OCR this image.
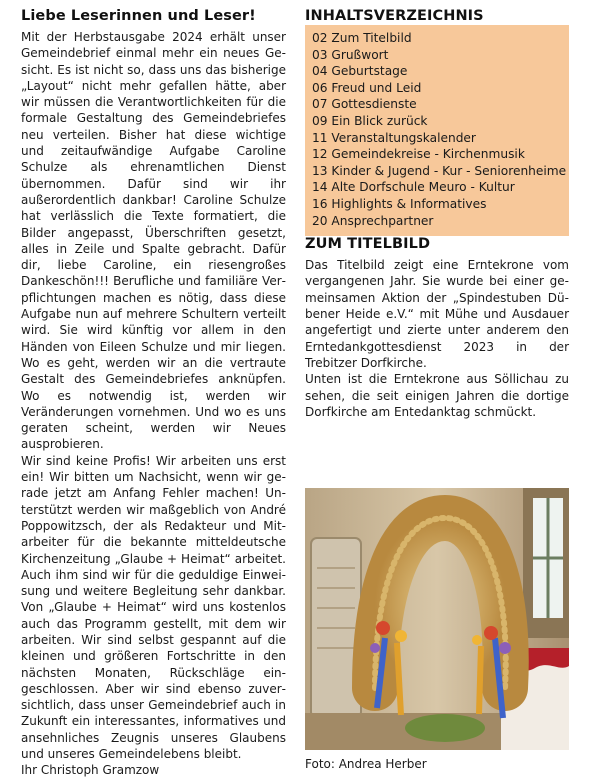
Liebe Leserinnen und Leser!

Mit der Herbstausgabe 2024 erhält unser Gemeindebrief einmal mehr ein neues Gesicht. Es ist nicht so, dass uns das bisherige „Layout“ nicht mehr gefallen hätte, aber wir müssen die Verantwortlichkeiten für die formale Gestaltung des Gemeindebriefes neu verteilen. Bisher hat diese wichtige und zeitaufwändige Aufgabe Caroline Schulze als ehrenamtlichen Dienst übernommen. Dafür sind wir ihr außerordentlich dankbar! Caroline Schulze hat verlässlich die Texte formatiert, die Bilder angepasst, Überschriften gesetzt, alles in Zeile und Spalte gebracht. Dafür dir, liebe Caroline, ein riesengroßes Dankeschön!!! Berufliche und familiäre Verpflichtungen machen es nötig, dass diese Aufgabe nun auf mehrere Schultern verteilt wird. Sie wird künftig vor allem in den Händen von Eileen Schulze und mir liegen. Wo es geht, werden wir an die vertraute Gestalt des Gemeindebriefes anknüpfen. Wo es notwendig ist, werden wir Veränderungen vornehmen. Und wo es uns geraten scheint, werden wir Neues ausprobieren.

Wir sind keine Profis! Wir arbeiten uns erst ein! Wir bitten um Nachsicht, wenn wir gerade jetzt am Anfang Fehler machen! Unterstützt werden wir maßgeblich von André Poppowitzsch, der als Redakteur und Mitarbeiter für die bekannte mitteldeutsche Kirchenzeitung „Glaube + Heimat“ arbeitet. Auch ihm sind wir für die geduldige Einweisung und weitere Begleitung sehr dankbar. Von „Glaube + Heimat“ wird uns kostenlos auch das Programm gestellt, mit dem wir arbeiten. Wir sind selbst gespannt auf die kleinen und größeren Fortschritte in den nächsten Monaten, Rückschläge eingeschlossen. Aber wir sind ebenso zuversichtlich, dass unser Gemeindebrief auch in Zukunft ein interessantes, informatives und ansehnliches Zeugnis unseres Glaubens und unseres Gemeindelebens bleibt.

Ihr Christoph Gramzow
INHALTSVERZEICHNIS
02 Zum Titelbild
03 Grußwort
04 Geburtstage
06 Freud und Leid
07 Gottesdienste
09 Ein Blick zurück
11 Veranstaltungskalender
12 Gemeindekreise - Kirchenmusik
13 Kinder & Jugend - Kur - Seniorenheime
14 Alte Dorfschule Meuro - Kultur
16 Highlights & Informatives
20 Ansprechpartner
ZUM TITELBILD

Das Titelbild zeigt eine Erntekrone vom vergangenen Jahr. Sie wurde bei einer gemeinsamen Aktion der „Spindestuben Dübener Heide e.V.“ mit Mühe und Ausdauer angefertigt und zierte unter anderem den Erntedankgottesdienst 2023 in der Trebitzer Dorfkirche.

Unten ist die Erntekrone aus Söllichau zu sehen, die seit einigen Jahren die dortige Dorfkirche am Entedanktag schmückt.

Foto: Andrea Herber
